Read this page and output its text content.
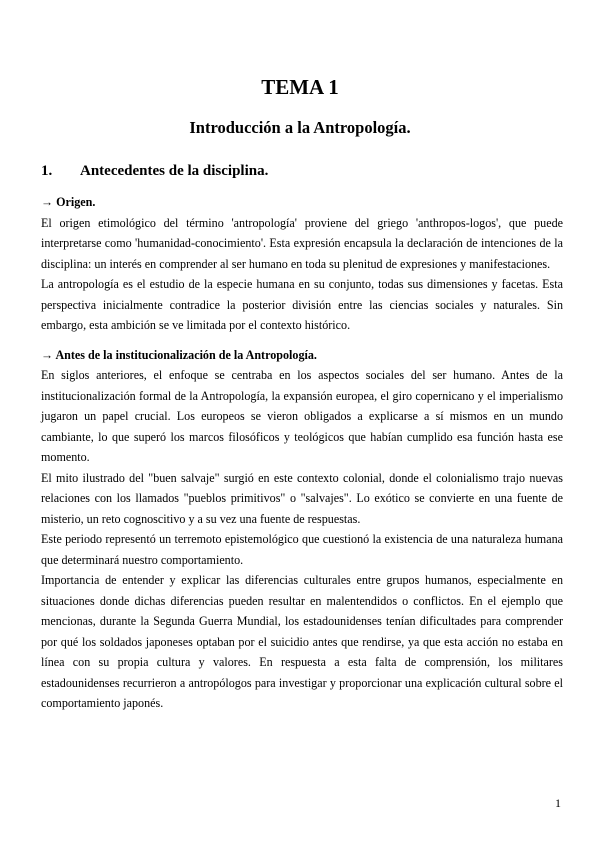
TEMA 1
Introducción a la Antropología.
1. Antecedentes de la disciplina.

→ Origen.

El origen etimológico del término 'antropología' proviene del griego 'anthropos-logos', que puede interpretarse como 'humanidad-conocimiento'. Esta expresión encapsula la declaración de intenciones de la disciplina: un interés en comprender al ser humano en toda su plenitud de expresiones y manifestaciones.

La antropología es el estudio de la especie humana en su conjunto, todas sus dimensiones y facetas. Esta perspectiva inicialmente contradice la posterior división entre las ciencias sociales y naturales. Sin embargo, esta ambición se ve limitada por el contexto histórico.

→ Antes de la institucionalización de la Antropología.

En siglos anteriores, el enfoque se centraba en los aspectos sociales del ser humano. Antes de la institucionalización formal de la Antropología, la expansión europea, el giro copernicano y el imperialismo jugaron un papel crucial. Los europeos se vieron obligados a explicarse a sí mismos en un mundo cambiante, lo que superó los marcos filosóficos y teológicos que habían cumplido esa función hasta ese momento.

El mito ilustrado del "buen salvaje" surgió en este contexto colonial, donde el colonialismo trajo nuevas relaciones con los llamados "pueblos primitivos" o "salvajes". Lo exótico se convierte en una fuente de misterio, un reto cognoscitivo y a su vez una fuente de respuestas.

Este periodo representó un terremoto epistemológico que cuestionó la existencia de una naturaleza humana que determinará nuestro comportamiento.

Importancia de entender y explicar las diferencias culturales entre grupos humanos, especialmente en situaciones donde dichas diferencias pueden resultar en malentendidos o conflictos. En el ejemplo que mencionas, durante la Segunda Guerra Mundial, los estadounidenses tenían dificultades para comprender por qué los soldados japoneses optaban por el suicidio antes que rendirse, ya que esta acción no estaba en línea con su propia cultura y valores. En respuesta a esta falta de comprensión, los militares estadounidenses recurrieron a antropólogos para investigar y proporcionar una explicación cultural sobre el comportamiento japonés.

1
